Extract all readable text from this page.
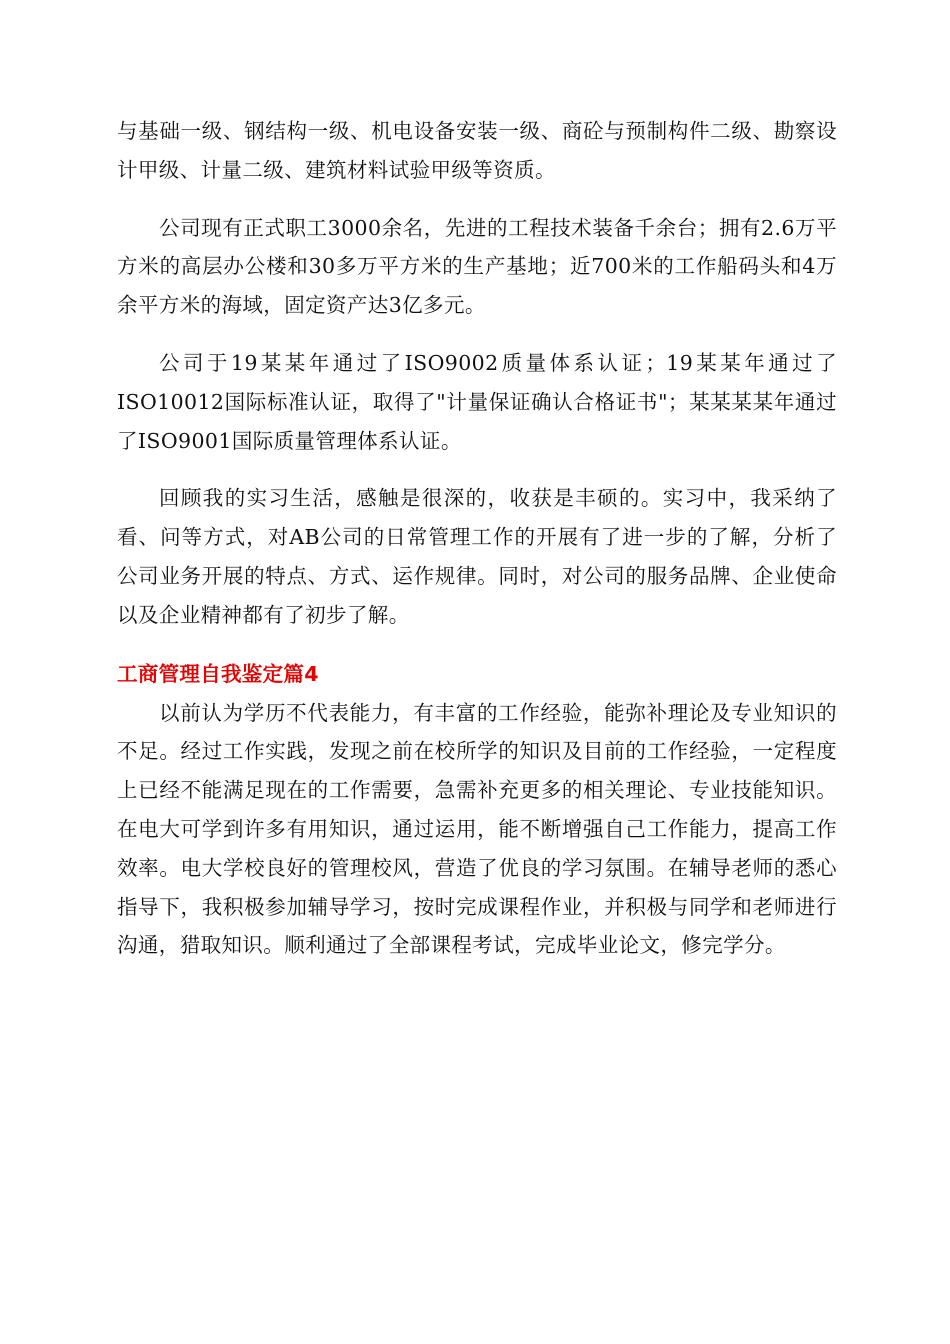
与基础一级、钢结构一级、机电设备安装一级、商砼与预制构件二级、勘察设计甲级、计量二级、建筑材料试验甲级等资质。

公司现有正式职工3000余名，先进的工程技术装备千余台；拥有2.6万平方米的高层办公楼和30多万平方米的生产基地；近700米的工作船码头和4万余平方米的海域，固定资产达3亿多元。

公司于19某某年通过了ISO9002质量体系认证；19某某年通过了ISO10012国际标准认证，取得了"计量保证确认合格证书"；某某某某年通过了ISO9001国际质量管理体系认证。

回顾我的实习生活，感触是很深的，收获是丰硕的。实习中，我采纳了看、问等方式，对AB公司的日常管理工作的开展有了进一步的了解，分析了公司业务开展的特点、方式、运作规律。同时，对公司的服务品牌、企业使命以及企业精神都有了初步了解。

工商管理自我鉴定篇4

以前认为学历不代表能力，有丰富的工作经验，能弥补理论及专业知识的不足。经过工作实践，发现之前在校所学的知识及目前的工作经验，一定程度上已经不能满足现在的工作需要，急需补充更多的相关理论、专业技能知识。在电大可学到许多有用知识，通过运用，能不断增强自己工作能力，提高工作效率。电大学校良好的管理校风，营造了优良的学习氛围。在辅导老师的悉心指导下，我积极参加辅导学习，按时完成课程作业，并积极与同学和老师进行沟通，猎取知识。顺利通过了全部课程考试，完成毕业论文，修完学分。
